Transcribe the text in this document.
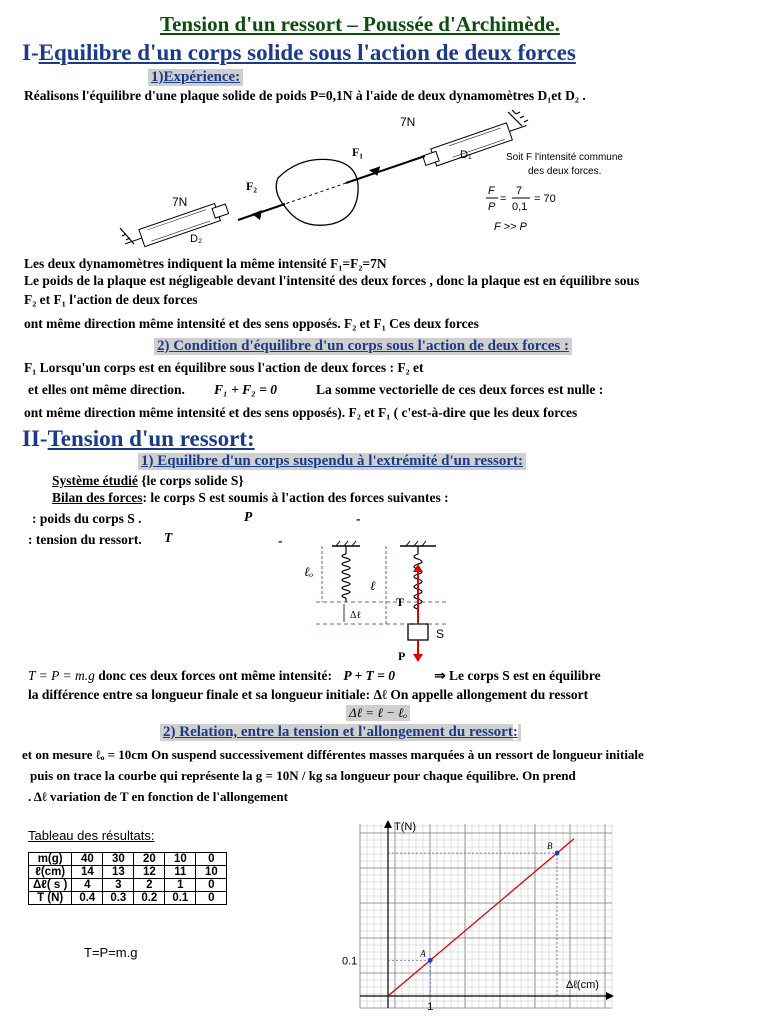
Tension d'un ressort – Poussée d'Archimède.
I-Equilibre d'un corps solide sous l'action de deux forces
1)Expérience:
Réalisons l'équilibre d'une plaque solide de poids P=0,1N à l'aide de deux dynamomètres D₁et D₂ .
7N
D₁
F₁
F₂
7N
D₂
Soit F l'intensité commune
des deux forces.
F
P
=
7
0,1
= 70
F >> P
Les deux dynamomètres indiquent la même intensité F₁=F₂=7N
Le poids de la plaque est négligeable devant l'intensité des deux forces , donc la plaque est en équilibre sous
F₂ et F₁ l'action de deux forces
ont même direction même intensité et des sens opposés. F₂ et F₁ Ces deux forces
2) Condition d'équilibre d'un corps sous l'action de deux forces :
F₁ Lorsqu'un corps est en équilibre sous l'action de deux forces : F₂ et
et elles ont même direction. F₁ + F₂ = 0	La somme vectorielle de ces deux forces est nulle :
ont même direction même intensité et des sens opposés). F₂ et F₁ ( c'est-à-dire que les deux forces
II-Tension d'un ressort:
1) Equilibre d'un corps suspendu à l'extrémité d'un ressort:
Système étudié {le corps solide S}
Bilan des forces: le corps S est soumis à l'action des forces suivantes :
: poids du corps S .	P	-
: tension du ressort. T	-
ℓₒ
ℓ
Δℓ
T
S
P
T = P = m.g donc ces deux forces ont même intensité: P + T = 0	⇒ Le corps S est en équilibre
la différence entre sa longueur finale et sa longueur initiale: Δℓ On appelle allongement du ressort
Δℓ = ℓ − ℓₒ
2) Relation, entre la tension et l'allongement du ressort:
et on mesure ℓₒ = 10cm On suspend successivement différentes masses marquées à un ressort de longueur initiale
puis on trace la courbe qui représente la g = 10N / kg sa longueur pour chaque équilibre. On prend
. Δℓ variation de T en fonction de l'allongement
Tableau des résultats:
m(g)	40	30	20	10	0
ℓ(cm)	14	13	12	11	10
Δℓ( s )	4	3	2	1	0
T (N)	0.4	0.3	0.2	0.1	0
T=P=m.g	A
B
T(N)
Δℓ(cm)
0.1
1
